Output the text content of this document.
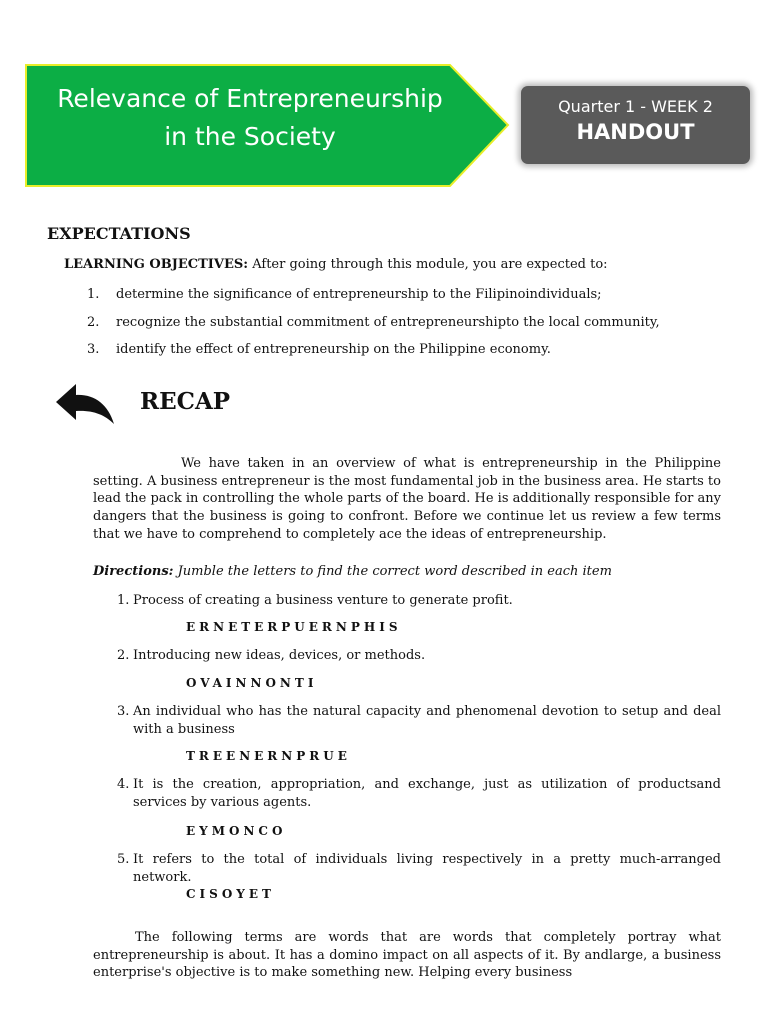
Relevance of Entrepreneurship
in the Society
Quarter 1 - WEEK 2
HANDOUT
EXPECTATIONS
LEARNING OBJECTIVES: After going through this module, you are expected to:
1. determine the significance of entrepreneurship to the Filipinoindividuals;
2. recognize the substantial commitment of entrepreneurshipto the local community,
3. identify the effect of entrepreneurship on the Philippine economy.
RECAP
We have taken in an overview of what is entrepreneurship in the Philippine setting. A business entrepreneur is the most fundamental job in the business area. He starts to lead the pack in controlling the whole parts of the board. He is additionally responsible for any dangers that the business is going to confront. Before we continue let us review a few terms that we have to comprehend to completely ace the ideas of entrepreneurship.
Directions: Jumble the letters to find the correct word described in each item
1. Process of creating a business venture to generate profit.
ERNETERPUERNPHIS
2. Introducing new ideas, devices, or methods.
OVAINNONTI
3. An individual who has the natural capacity and phenomenal devotion to setup and deal with a business
TREENERNPRUE
4. It is the creation, appropriation, and exchange, just as utilization of productsand services by various agents.
EYMONCO
5. It refers to the total of individuals living respectively in a pretty much-arranged network.
CISOYET
The following terms are words that are words that completely portray what entrepreneurship is about. It has a domino impact on all aspects of it. By andlarge, a business enterprise's objective is to make something new. Helping every business
